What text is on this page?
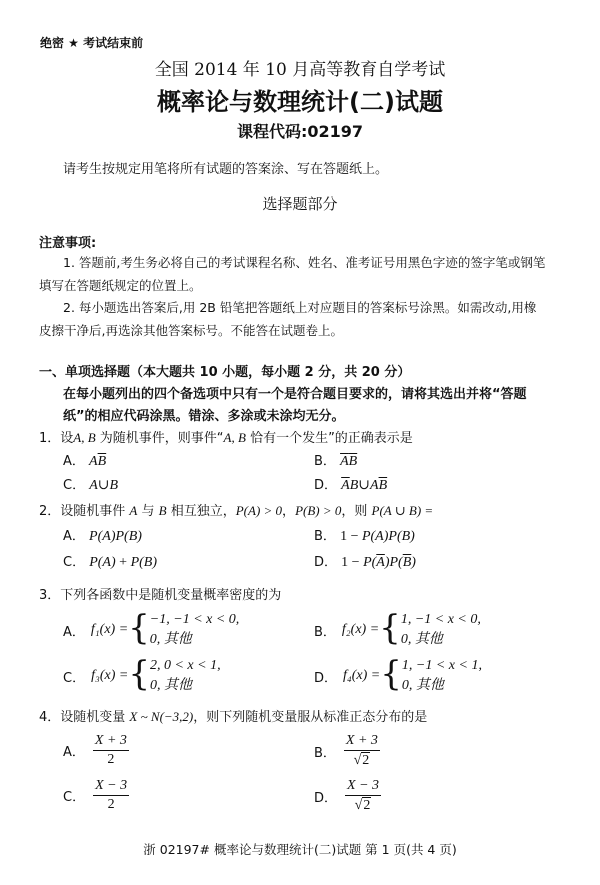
绝密 ★ 考试结束前
全国 2014 年 10 月高等教育自学考试
概率论与数理统计(二)试题
课程代码:02197
请考生按规定用笔将所有试题的答案涂、写在答题纸上。
选择题部分
注意事项:
1. 答题前,考生务必将自己的考试课程名称、姓名、准考证号用黑色字迹的签字笔或钢笔
填写在答题纸规定的位置上。
2. 每小题选出答案后,用 2B 铅笔把答题纸上对应题目的答案标号涂黑。如需改动,用橡
皮擦干净后,再选涂其他答案标号。不能答在试题卷上。
一、单项选择题（本大题共 10 小题，每小题 2 分，共 20 分）
在每小题列出的四个备选项中只有一个是符合题目要求的，请将其选出并将“答题
纸”的相应代码涂黑。错涂、多涂或未涂均无分。
1．设A, B 为随机事件，则事件“A, B 恰有一个发生”的正确表示是
A． $A\overline{B}$	B． $\overline{A}\overline{B}$
C． A∪B	D． $\overline{A}B\cup A\overline{B}$
2．设随机事件 A 与 B 相互独立，P(A) > 0，P(B) > 0，则 P(A ∪ B) =
A． P(A)P(B)	B． 1 − P(A)P(B)
C． P(A) + P(B)	D． $1 - P(\overline{A})P(\overline{B})$
3．下列各函数中是随机变量概率密度的为
A． f₁(x) = { −1, −1 < x < 0,
0, 其他	B． f₂(x) = { 1, −1 < x < 0,
0, 其他
C． f₃(x) = { 2, 0 < x < 1,
0, 其他	D． f₄(x) = { 1, −1 < x < 1,
0, 其他
4．设随机变量 X ~ N(−3,2)，则下列随机变量服从标准正态分布的是
A． $\frac{X + 3}{2}$	B． $\frac{X + 3}{√ 2}$
C． $\frac{X - 3}{2}$	D． $\frac{X - 3}{√ 2}$
浙 02197# 概率论与数理统计(二)试题 第 1 页(共 4 页)
